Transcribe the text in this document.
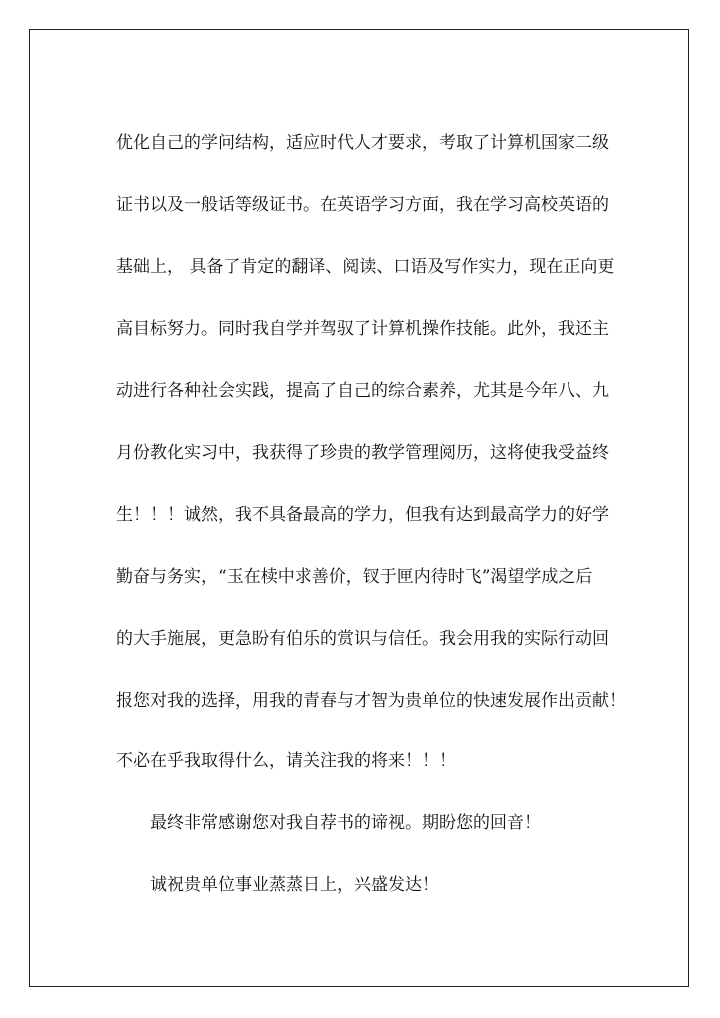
优化自己的学问结构，适应时代人才要求，考取了计算机国家二级
证书以及一般话等级证书。在英语学习方面，我在学习高校英语的
基础上， 具备了肯定的翻译、阅读、口语及写作实力，现在正向更
高目标努力。同时我自学并驾驭了计算机操作技能。此外，我还主
动进行各种社会实践，提高了自己的综合素养，尤其是今年八、九
月份教化实习中，我获得了珍贵的教学管理阅历，这将使我受益终
生！！！诚然，我不具备最高的学力，但我有达到最高学力的好学
勤奋与务实，“玉在椟中求善价，钗于匣内待时飞”渴望学成之后
的大手施展，更急盼有伯乐的赏识与信任。我会用我的实际行动回
报您对我的选择，用我的青春与才智为贵单位的快速发展作出贡献！
不必在乎我取得什么，请关注我的将来！！！
最终非常感谢您对我自荐书的谛视。期盼您的回音！
诚祝贵单位事业蒸蒸日上，兴盛发达！
